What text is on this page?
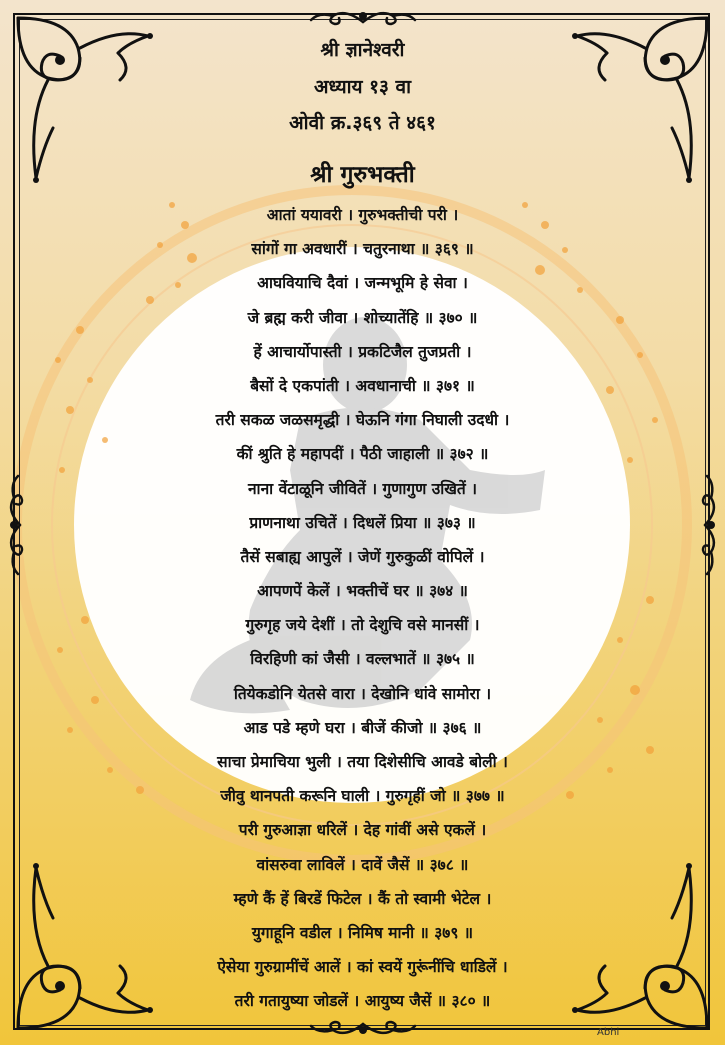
श्री ज्ञानेश्वरी
अध्याय १३ वा
ओवी क्र.३६९ ते ४६१
श्री गुरुभक्ती
आतां ययावरी । गुरुभक्तीची परी ।
सांगों गा अवधारीं । चतुरनाथा ॥ ३६९ ॥
आघवियाचि दैवां । जन्मभूमि हे सेवा ।
जे ब्रह्म करी जीवा । शोच्यातेंहि ॥ ३७० ॥
हें आचार्योपास्ती । प्रकटिजैल तुजप्रती ।
बैसों दे एकपांती । अवधानाची ॥ ३७१ ॥
तरी सकळ जळसमृद्धी । घेऊनि गंगा निघाली उदधी ।
कीं श्रुति हे महापदीं । पैठी जाहाली ॥ ३७२ ॥
नाना वेंटाळूनि जीवितें । गुणागुण उखितें ।
प्राणनाथा उचितें । दिधलें प्रिया ॥ ३७३ ॥
तैसें सबाह्य आपुलें । जेणें गुरुकुळीं वोपिलें ।
आपणपें केलें । भक्तीचें घर ॥ ३७४ ॥
गुरुगृह जये देशीं । तो देशुचि वसे मानसीं ।
विरहिणी कां जैसी । वल्लभातें ॥ ३७५ ॥
तियेकडोनि येतसे वारा । देखोनि धांवे सामोरा ।
आड पडे म्हणे घरा । बीजें कीजो ॥ ३७६ ॥
साचा प्रेमाचिया भुली । तया दिशेसीचि आवडे बोली ।
जीवु थानपती करूनि घाली । गुरुगृहीं जो ॥ ३७७ ॥
परी गुरुआज्ञा धरिलें । देह गांवीं असे एकलें ।
वांसरुवा लाविलें । दावें जैसें ॥ ३७८ ॥
म्हणे कैं हें बिरडें फिटेल । कैं तो स्वामी भेटेल ।
युगाहूनि वडील । निमिष मानी ॥ ३७९ ॥
ऐसेया गुरुग्रामींचें आलें । कां स्वयें गुरूंनींचि धाडिलें ।
तरी गतायुष्या जोडलें । आयुष्य जैसें ॥ ३८० ॥
Abhi
